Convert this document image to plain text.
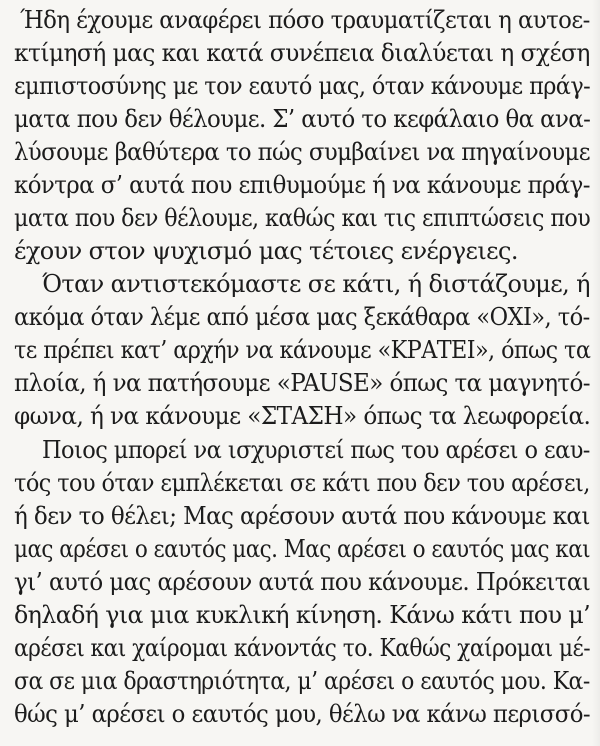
Ήδη έχουμε αναφέρει πόσο τραυματίζεται η αυτοε-
κτίμησή μας και κατά συνέπεια διαλύεται η σχέση
εμπιστοσύνης με τον εαυτό μας, όταν κάνουμε πράγ-
ματα που δεν θέλουμε. Σ’ αυτό το κεφάλαιο θα ανα-
λύσουμε βαθύτερα το πώς συμβαίνει να πηγαίνουμε
κόντρα σ’ αυτά που επιθυμούμε ή να κάνουμε πράγ-
ματα που δεν θέλουμε, καθώς και τις επιπτώσεις που
έχουν στον ψυχισμό μας τέτοιες ενέργειες.
Όταν αντιστεκόμαστε σε κάτι, ή διστάζουμε, ή
ακόμα όταν λέμε από μέσα μας ξεκάθαρα «ΟΧΙ», τό-
τε πρέπει κατ’ αρχήν να κάνουμε «ΚΡΑΤΕΙ», όπως τα
πλοία, ή να πατήσουμε «PAUSE» όπως τα μαγνητό-
φωνα, ή να κάνουμε «ΣΤΑΣΗ» όπως τα λεωφορεία.
Ποιος μπορεί να ισχυριστεί πως του αρέσει ο εαυ-
τός του όταν εμπλέκεται σε κάτι που δεν του αρέσει,
ή δεν το θέλει; Μας αρέσουν αυτά που κάνουμε και
μας αρέσει ο εαυτός μας. Μας αρέσει ο εαυτός μας και
γι’ αυτό μας αρέσουν αυτά που κάνουμε. Πρόκειται
δηλαδή για μια κυκλική κίνηση. Κάνω κάτι που μ’
αρέσει και χαίρομαι κάνοντάς το. Καθώς χαίρομαι μέ-
σα σε μια δραστηριότητα, μ’ αρέσει ο εαυτός μου. Κα-
θώς μ’ αρέσει ο εαυτός μου, θέλω να κάνω περισσό-
